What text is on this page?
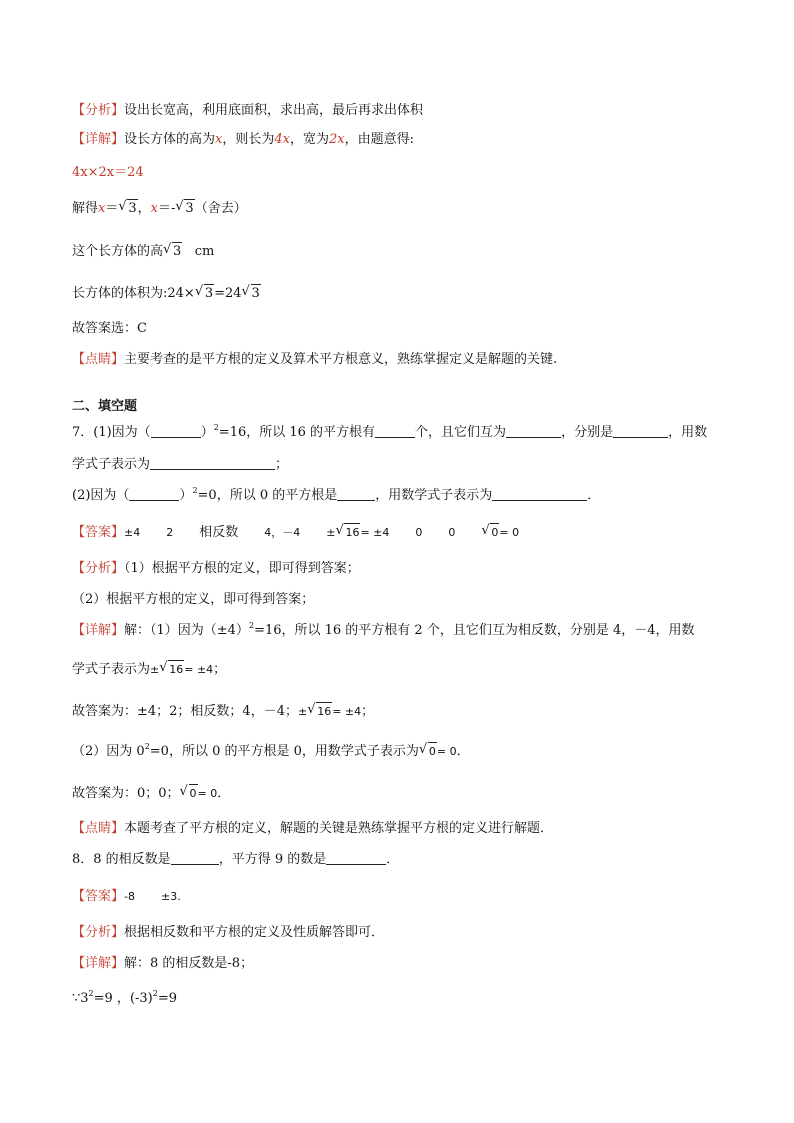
【分析】设出长宽高，利用底面积，求出高，最后再求出体积
【详解】设长方体的高为x，则长为4x，宽为2x，由题意得:
4x×2x＝24
解得x＝ √ 3，x＝- √ 3（舍去）
这个长方体的高 √ 3 cm
长方体的体积为:24× √ 3=24 √ 3
故答案选：C
【点睛】主要考查的是平方根的定义及算术平方根意义，熟练掌握定义是解题的关键.
二、填空题
7．(1)因为（	）$^2$=16，所以 16 的平方根有	个，且它们互为	，分别是	，用数
学式子表示为	；
(2)因为（	）$^2$=0，所以 0 的平方根是	，用数学式子表示为	．
【答案】±4 2 相反数 4，－4 ± √ 16= ±4 0 0 √ 0= 0
【分析】（1）根据平方根的定义，即可得到答案；
（2）根据平方根的定义，即可得到答案；
【详解】解：（1）因为$(\pm 4)^2=16$，所以 16 的平方根有 2 个，且它们互为相反数，分别是 4，－4，用数
学式子表示为± √ 16= ±4；
故答案为：±4；2；相反数；4，－4；± √ 16= ±4；
（2）因为 $0^2=0$，所以 0 的平方根是 0，用数学式子表示为 √ 0= 0．
故答案为：0；0； √ 0= 0．
【点睛】本题考查了平方根的定义，解题的关键是熟练掌握平方根的定义进行解题．
8．8 的相反数是	，平方得 9 的数是	．
【答案】-8 ±3.
【分析】根据相反数和平方根的定义及性质解答即可．
【详解】解：8 的相反数是-8；
$\because 3^2=9$ ，$(-3)^2=9$
